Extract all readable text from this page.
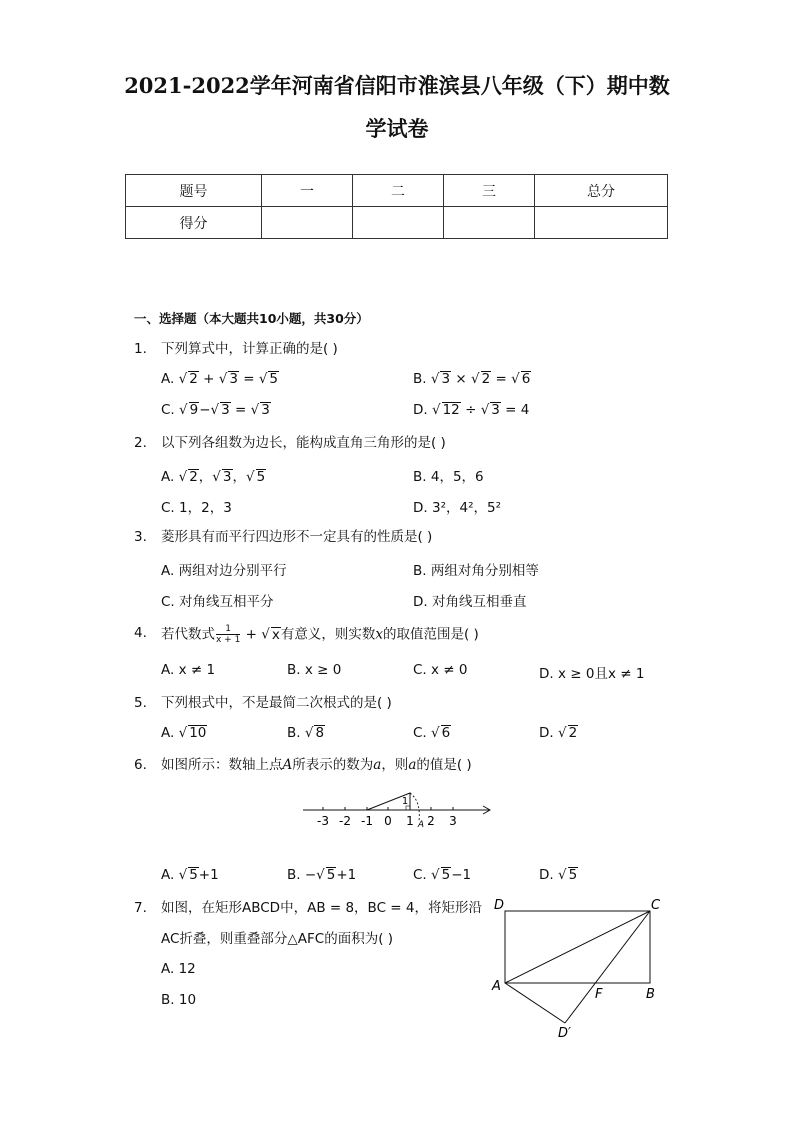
2021-2022学年河南省信阳市淮滨县八年级（下）期中数
学试卷
题号	一	二	三	总分
得分				
一、选择题（本大题共10小题，共30分）
1. 下列算式中，计算正确的是( )
A. √ 2 + √ 3 = √ 5	B. √ 3 × √ 2 = √ 6
C. √ 9−√ 3 = √ 3	D. √ 12 ÷ √ 3 = 4
2. 以下列各组数为边长，能构成直角三角形的是( )
A. √ 2，√ 3，√ 5	B. 4，5，6
C. 1，2，3	D. 3²，4²，5²
3. 菱形具有而平行四边形不一定具有的性质是( )
A. 两组对边分别平行	B. 两组对角分别相等
C. 对角线互相平分	D. 对角线互相垂直
4. 若代数式 $\frac{1}{x + 1}$ + √ x有意义，则实数x的取值范围是( )
A. x ≠ 1	B. x ≥ 0	C. x ≠ 0	D. x ≥ 0且x ≠ 1
5. 下列根式中，不是最简二次根式的是( )
A. √ 10	B. √ 8	C. √ 6	D. √ 2
6. 如图所示：数轴上点A所表示的数为a，则a的值是( )
1
-3 -2 -1 0 1 2 3
A
A. √ 5+1	B. −√ 5+1	C. √ 5−1	D. √ 5
7. 如图，在矩形ABCD中，AB = 8，BC = 4，将矩形沿
AC折叠，则重叠部分△AFC的面积为( )
A. 12
B. 10
D	C
A
F	B
D′
